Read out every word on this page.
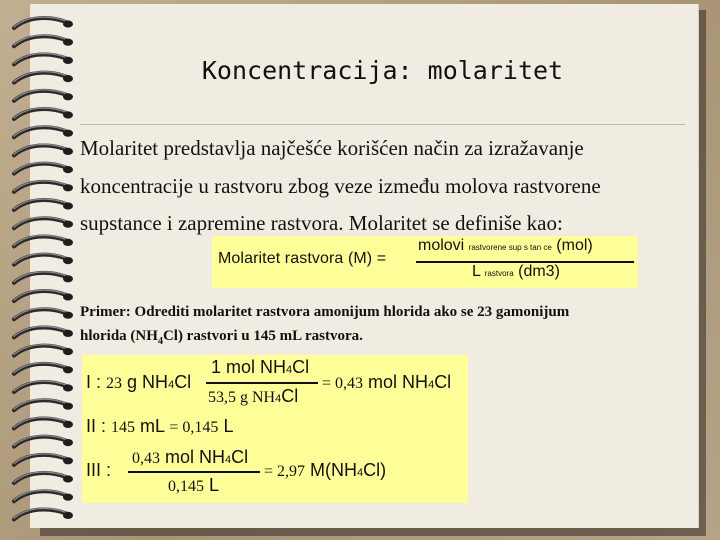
Koncentracija: molaritet
Molaritet predstavlja najčešće korišćen način za izražavanje koncentracije u rastvoru zbog veze između molova rastvorene supstance i zapremine rastvora. Molaritet se definiše kao:
Molaritet rastvora (M) =
molovi rastvorene sup s tan ce (mol)
L rastvora (dm3)
Primer: Odrediti molaritet rastvora amonijum hlorida ako se 23 gamonijum
hlorida $(NH_4Cl)$ rastvori u 145 mL rastvora.
I : 23 g NH4Cl
1 mol NH4Cl
53,5 g NH4Cl
= 0,43 mol NH4Cl
II : 145 mL = 0,145 L
III :
0,43 mol NH4Cl
0,145 L
= 2,97 M(NH4Cl)
